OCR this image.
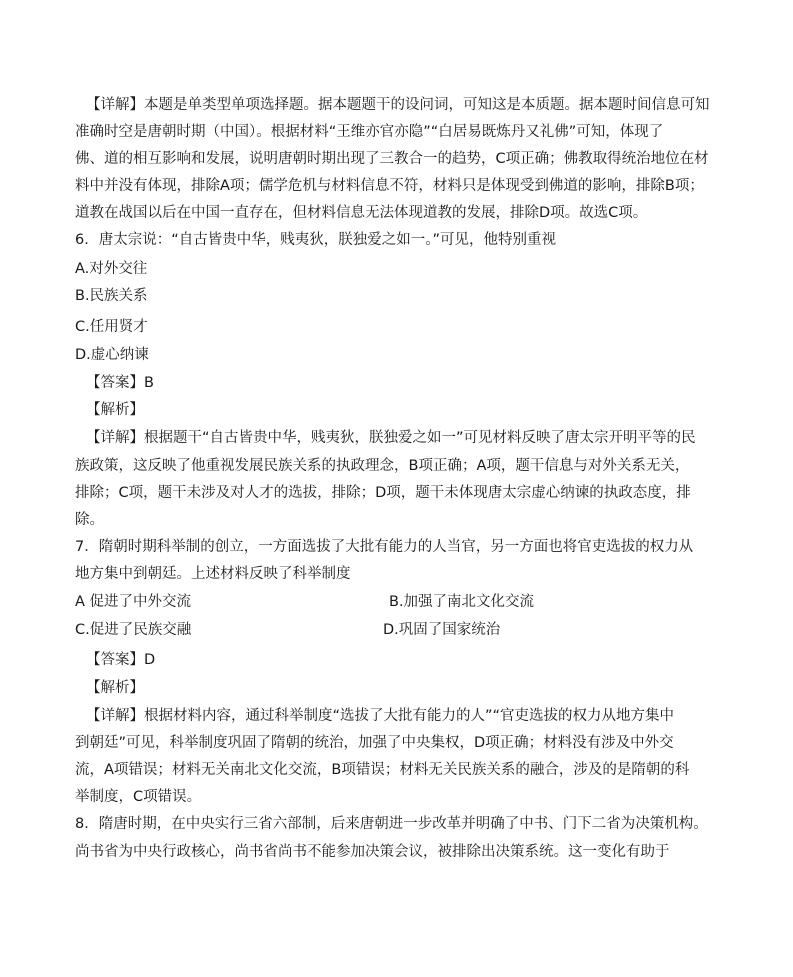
【详解】本题是单类型单项选择题。据本题题干的设问词，可知这是本质题。据本题时间信息可知
准确时空是唐朝时期（中国）。根据材料“王维亦官亦隐”“白居易既炼丹又礼佛”可知，体现了
佛、道的相互影响和发展，说明唐朝时期出现了三教合一的趋势，C项正确；佛教取得统治地位在材
料中并没有体现，排除A项；儒学危机与材料信息不符，材料只是体现受到佛道的影响，排除B项；
道教在战国以后在中国一直存在，但材料信息无法体现道教的发展，排除D项。故选C项。
6．唐太宗说：“自古皆贵中华，贱夷狄，朕独爱之如一。”可见，他特别重视
A.对外交往
B.民族关系
C.任用贤才
D.虚心纳谏
【答案】B
【解析】
【详解】根据题干“自古皆贵中华，贱夷狄，朕独爱之如一”可见材料反映了唐太宗开明平等的民
族政策，这反映了他重视发展民族关系的执政理念，B项正确；A项，题干信息与对外关系无关，
排除；C项，题干未涉及对人才的选拔，排除；D项，题干未体现唐太宗虚心纳谏的执政态度，排
除。
7．隋朝时期科举制的创立，一方面选拔了大批有能力的人当官，另一方面也将官吏选拔的权力从
地方集中到朝廷。上述材料反映了科举制度
A 促进了中外交流	B.加强了南北文化交流
C.促进了民族交融	D.巩固了国家统治
【答案】D
【解析】
【详解】根据材料内容，通过科举制度“选拔了大批有能力的人”“官吏选拔的权力从地方集中
到朝廷”可见，科举制度巩固了隋朝的统治，加强了中央集权，D项正确；材料没有涉及中外交
流，A项错误；材料无关南北文化交流，B项错误；材料无关民族关系的融合，涉及的是隋朝的科
举制度，C项错误。
8．隋唐时期，在中央实行三省六部制，后来唐朝进一步改革并明确了中书、门下二省为决策机构。
尚书省为中央行政核心，尚书省尚书不能参加决策会议，被排除出决策系统。这一变化有助于
